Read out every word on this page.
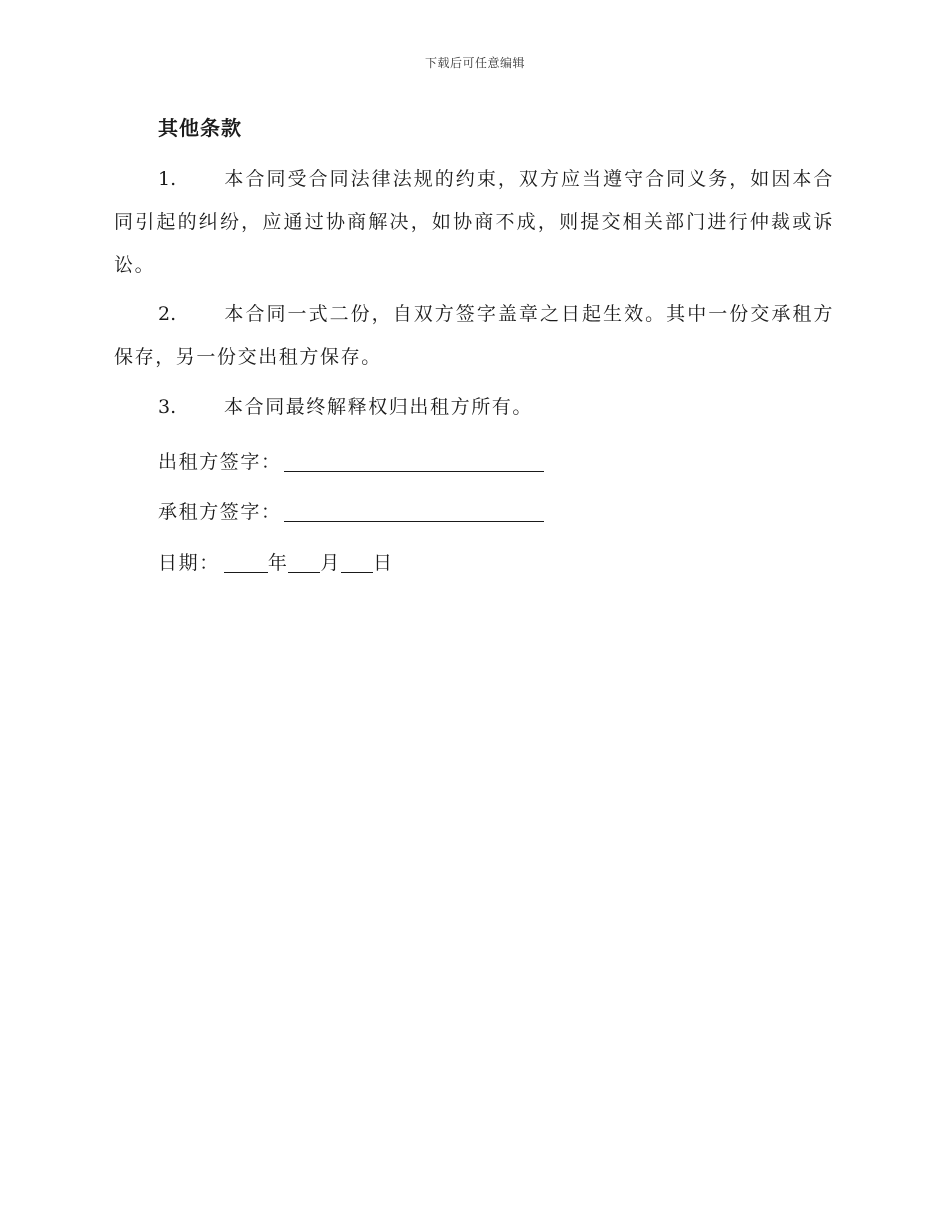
下载后可任意编辑
其他条款
1.	本合同受合同法律法规的约束，双方应当遵守合同义务，如因本合同引起的纠纷，应通过协商解决，如协商不成，则提交相关部门进行仲裁或诉讼。
2.	本合同一式二份，自双方签字盖章之日起生效。其中一份交承租方保存，另一份交出租方保存。
3.	本合同最终解释权归出租方所有。
出租方签字：
承租方签字：
日期：	年 月 日
